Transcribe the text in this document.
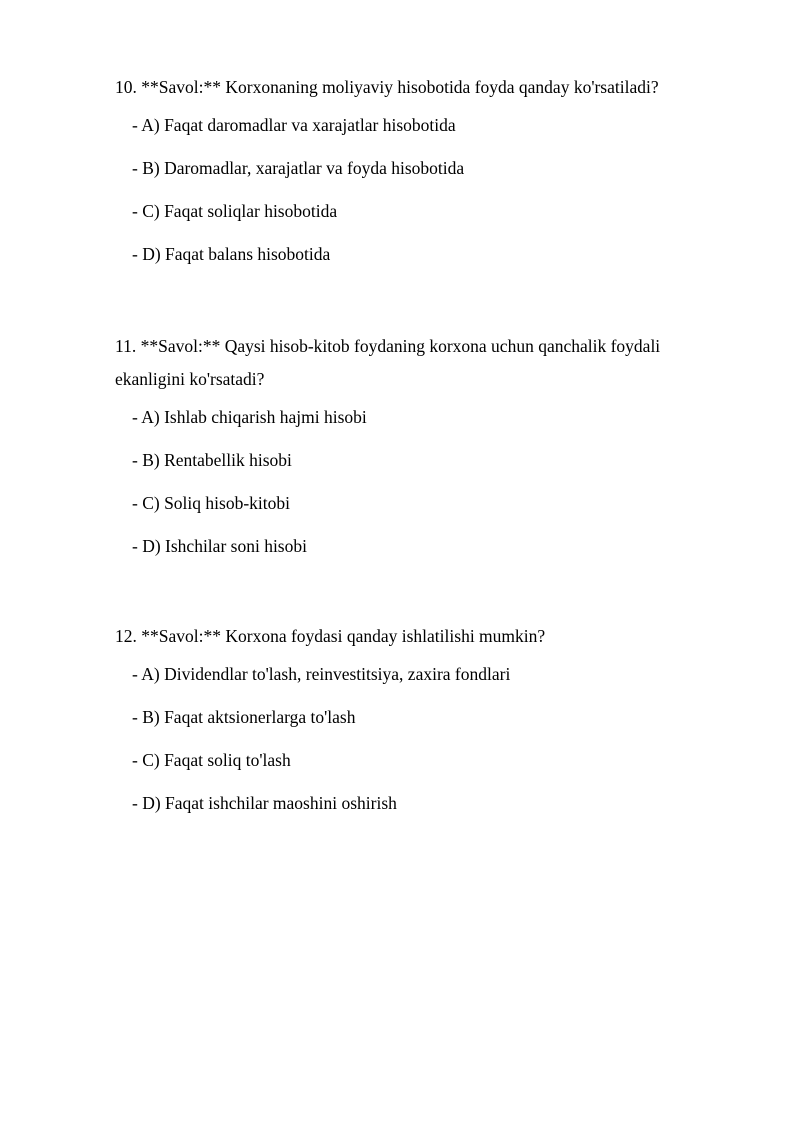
10. **Savol:** Korxonaning moliyaviy hisobotida foyda qanday ko'rsatiladi?

- A) Faqat daromadlar va xarajatlar hisobotida
- B) Daromadlar, xarajatlar va foyda hisobotida
- C) Faqat soliqlar hisobotida
- D) Faqat balans hisobotida

11. **Savol:** Qaysi hisob-kitob foydaning korxona uchun qanchalik foydali ekanligini ko'rsatadi?

- A) Ishlab chiqarish hajmi hisobi
- B) Rentabellik hisobi
- C) Soliq hisob-kitobi
- D) Ishchilar soni hisobi

12. **Savol:** Korxona foydasi qanday ishlatilishi mumkin?

- A) Dividendlar to'lash, reinvestitsiya, zaxira fondlari
- B) Faqat aktsionerlarga to'lash
- C) Faqat soliq to'lash
- D) Faqat ishchilar maoshini oshirish
